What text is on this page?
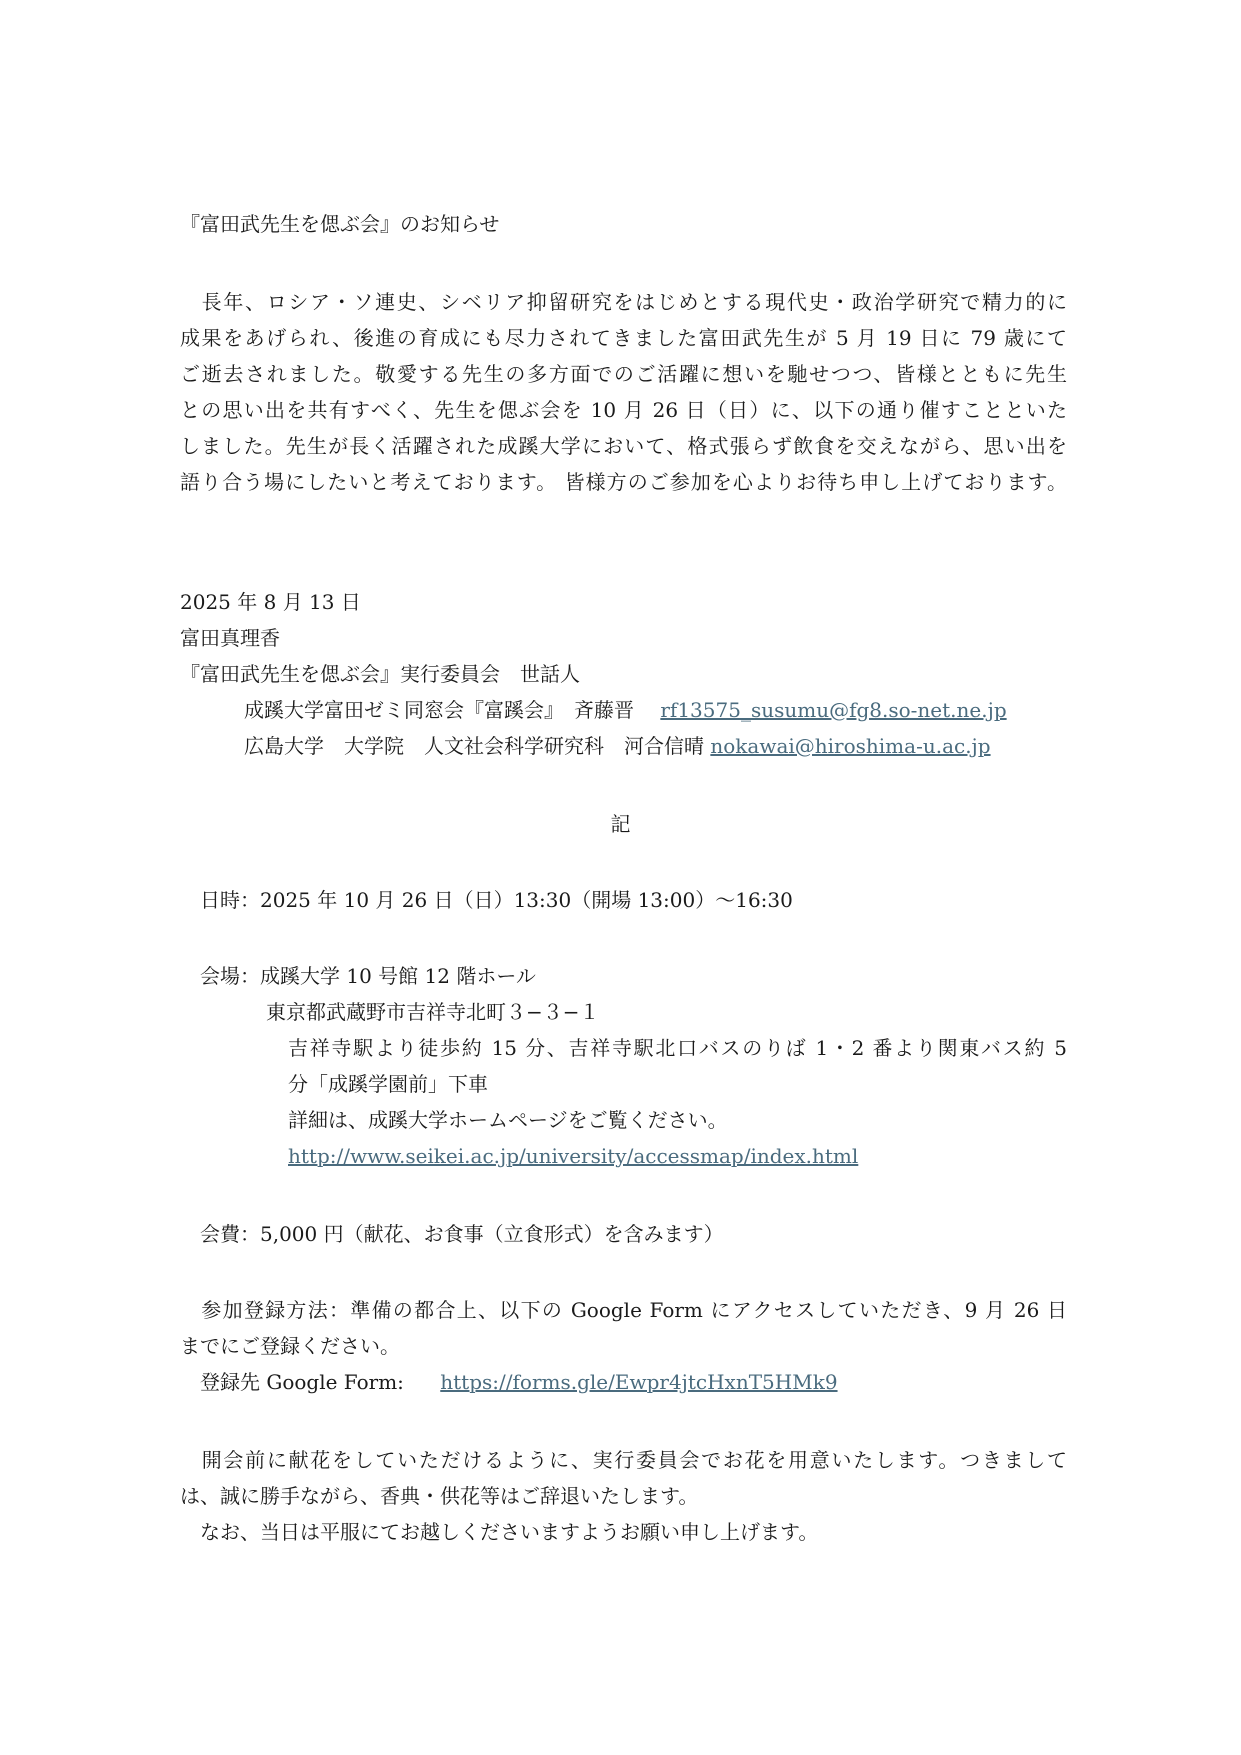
『富田武先生を偲ぶ会』のお知らせ
　長年、ロシア・ソ連史、シベリア抑留研究をはじめとする現代史・政治学研究で精力的に
成果をあげられ、後進の育成にも尽力されてきました富田武先生が 5 月 19 日に 79 歳にて
ご逝去されました。敬愛する先生の多方面でのご活躍に想いを馳せつつ、皆様とともに先生
との思い出を共有すべく、先生を偲ぶ会を 10 月 26 日（日）に、以下の通り催すことといた
しました。先生が長く活躍された成蹊大学において、格式張らず飲食を交えながら、思い出を
語り合う場にしたいと考えております。 皆様方のご参加を心よりお待ち申し上げております。
2025 年 8 月 13 日
富田真理香
『富田武先生を偲ぶ会』実行委員会　世話人
成蹊大学富田ゼミ同窓会『富蹊会』　斉藤晋　 rf13575_susumu@fg8.so-net.ne.jp
広島大学　大学院　人文社会科学研究科　河合信晴 nokawai@hiroshima-u.ac.jp
記
日時：2025 年 10 月 26 日（日）13:30（開場 13:00）〜16:30
会場：成蹊大学 10 号館 12 階ホール
東京都武蔵野市吉祥寺北町３−３−１
吉祥寺駅より徒歩約 15 分、吉祥寺駅北口バスのりば 1・2 番より関東バス約 5
分「成蹊学園前」下車
詳細は、成蹊大学ホームページをご覧ください。
http://www.seikei.ac.jp/university/accessmap/index.html
会費：5,000 円（献花、お食事（立食形式）を含みます）
　参加登録方法：準備の都合上、以下の Google Form にアクセスしていただき、9 月 26 日
までにご登録ください。
登録先 Google Form: https://forms.gle/Ewpr4jtcHxnT5HMk9
　開会前に献花をしていただけるように、実行委員会でお花を用意いたします。つきまして
は、誠に勝手ながら、香典・供花等はご辞退いたします。
　なお、当日は平服にてお越しくださいますようお願い申し上げます。
